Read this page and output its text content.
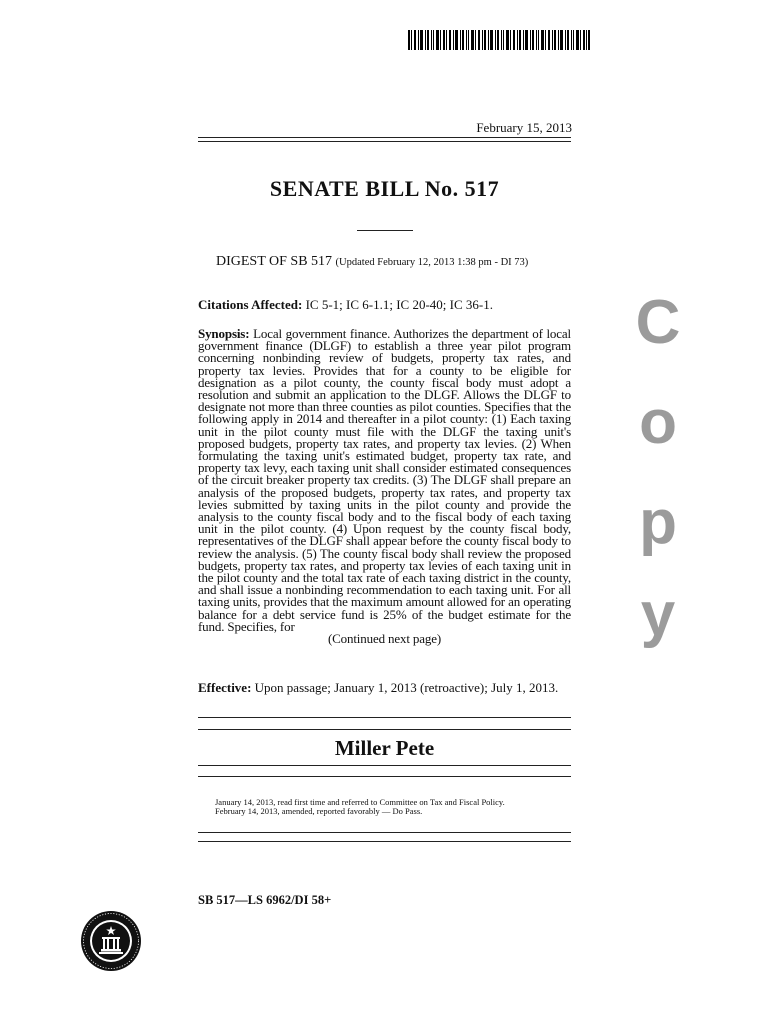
February 15, 2013
SENATE BILL No. 517
DIGEST OF SB 517 (Updated February 12, 2013 1:38 pm - DI 73)
Citations Affected: IC 5-1; IC 6-1.1; IC 20-40; IC 36-1.
Synopsis: Local government finance. Authorizes the department of local government finance (DLGF) to establish a three year pilot program concerning nonbinding review of budgets, property tax rates, and property tax levies. Provides that for a county to be eligible for designation as a pilot county, the county fiscal body must adopt a resolution and submit an application to the DLGF. Allows the DLGF to designate not more than three counties as pilot counties. Specifies that the following apply in 2014 and thereafter in a pilot county: (1) Each taxing unit in the pilot county must file with the DLGF the taxing unit's proposed budgets, property tax rates, and property tax levies. (2) When formulating the taxing unit's estimated budget, property tax rate, and property tax levy, each taxing unit shall consider estimated consequences of the circuit breaker property tax credits. (3) The DLGF shall prepare an analysis of the proposed budgets, property tax rates, and property tax levies submitted by taxing units in the pilot county and provide the analysis to the county fiscal body and to the fiscal body of each taxing unit in the pilot county. (4) Upon request by the county fiscal body, representatives of the DLGF shall appear before the county fiscal body to review the analysis. (5) The county fiscal body shall review the proposed budgets, property tax rates, and property tax levies of each taxing unit in the pilot county and the total tax rate of each taxing district in the county, and shall issue a nonbinding recommendation to each taxing unit. For all taxing units, provides that the maximum amount allowed for an operating balance for a debt service fund is 25% of the budget estimate for the fund. Specifies, for
(Continued next page)
Effective: Upon passage; January 1, 2013 (retroactive); July 1, 2013.
Miller Pete
January 14, 2013, read first time and referred to Committee on Tax and Fiscal Policy.
February 14, 2013, amended, reported favorably — Do Pass.
SB 517—LS 6962/DI 58+
C
o
p
y
